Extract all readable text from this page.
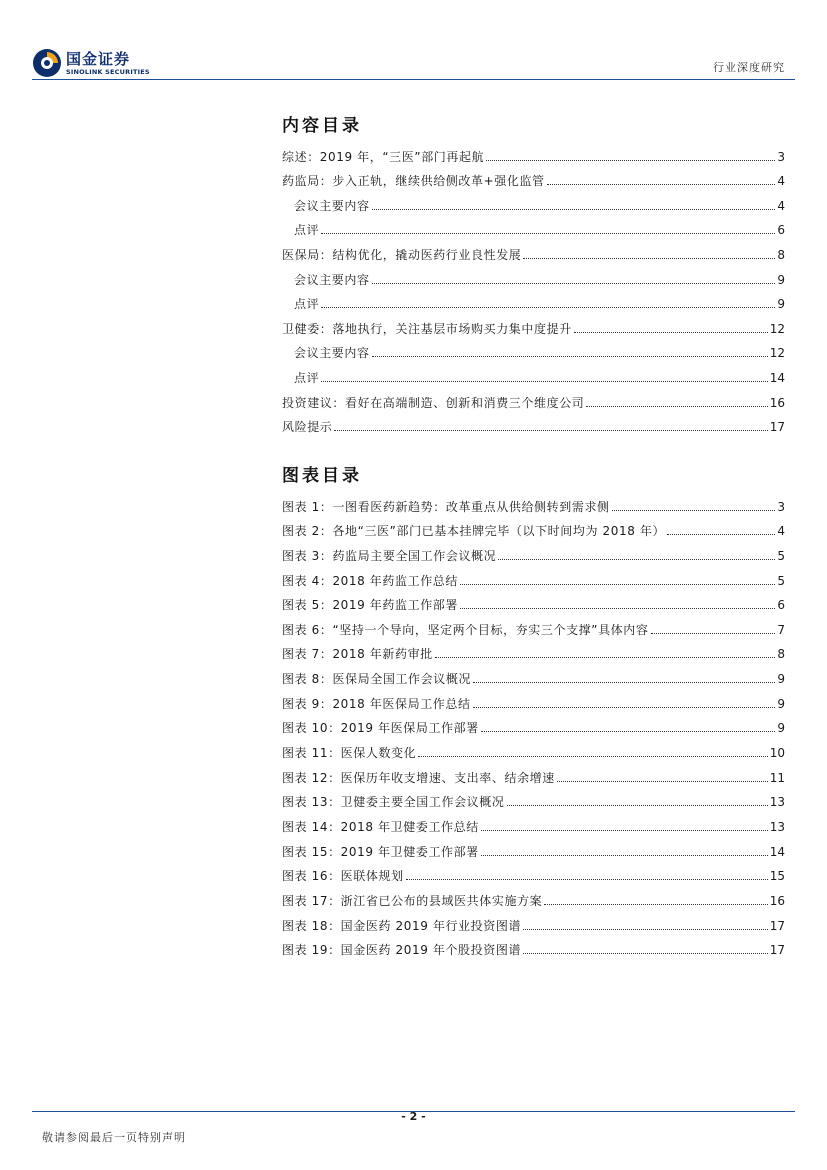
国金证券
SINOLINK SECURITIES	行业深度研究
内容目录
综述：2019 年，“三医”部门再起航	3
药监局：步入正轨，继续供给侧改革+强化监管	4
会议主要内容	4
点评	6
医保局：结构优化，撬动医药行业良性发展	8
会议主要内容	9
点评	9
卫健委：落地执行，关注基层市场购买力集中度提升	12
会议主要内容	12
点评	14
投资建议：看好在高端制造、创新和消费三个维度公司	16
风险提示	17
图表目录
图表 1：一图看医药新趋势：改革重点从供给侧转到需求侧	3
图表 2：各地“三医”部门已基本挂牌完毕（以下时间均为 2018 年）	4
图表 3：药监局主要全国工作会议概况	5
图表 4：2018 年药监工作总结	5
图表 5：2019 年药监工作部署	6
图表 6：“坚持一个导向，坚定两个目标，夯实三个支撑”具体内容	7
图表 7：2018 年新药审批	8
图表 8：医保局全国工作会议概况	9
图表 9：2018 年医保局工作总结	9
图表 10：2019 年医保局工作部署	9
图表 11：医保人数变化	10
图表 12：医保历年收支增速、支出率、结余增速	11
图表 13：卫健委主要全国工作会议概况	13
图表 14：2018 年卫健委工作总结	13
图表 15：2019 年卫健委工作部署	14
图表 16：医联体规划	15
图表 17：浙江省已公布的县域医共体实施方案	16
图表 18：国金医药 2019 年行业投资图谱	17
图表 19：国金医药 2019 年个股投资图谱	17
- 2 -
敬请参阅最后一页特别声明
